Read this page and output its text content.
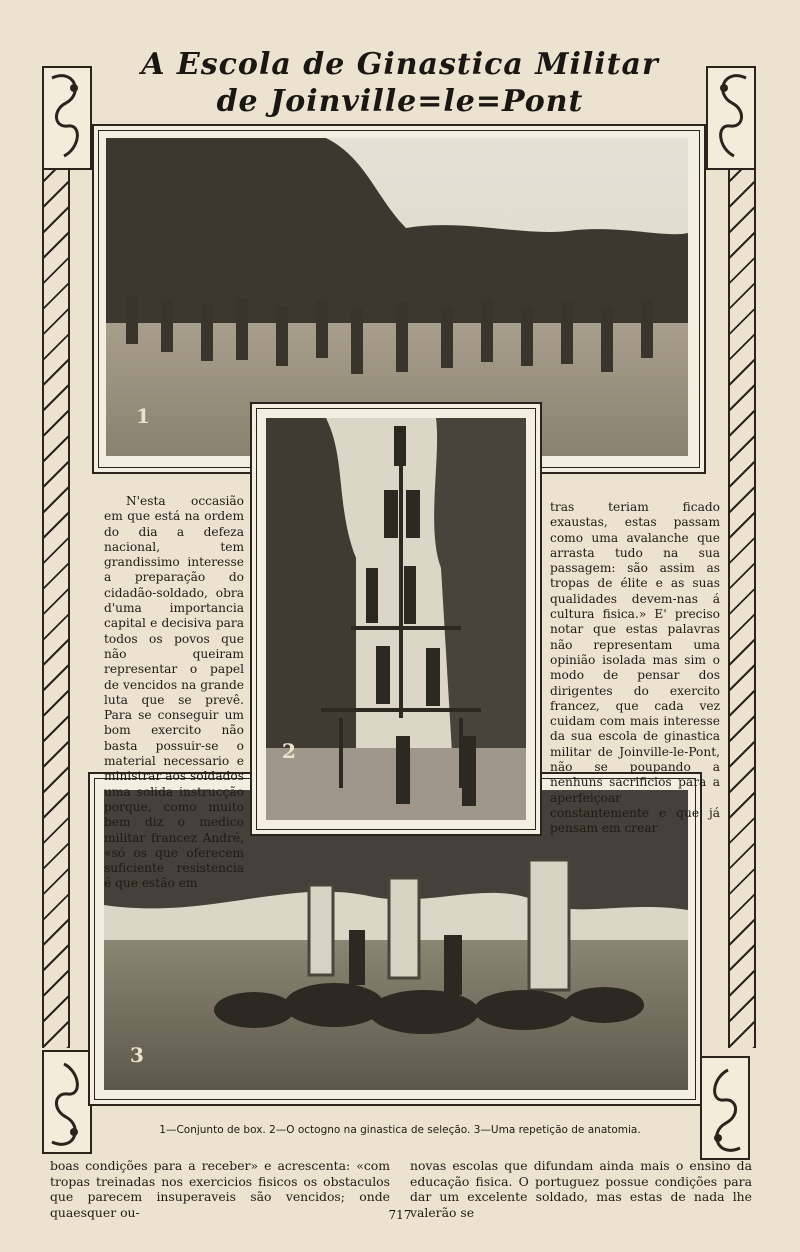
A Escola de Ginastica Militar
de Joinville=le=Pont
1
3
2
N'esta occasião em que está na ordem do dia a defeza nacional, tem grandissimo interesse a preparação do cidadão-soldado, obra d'uma importancia capital e decisiva para todos os povos que não queiram representar o papel de vencidos na grande luta que se prevê. Para se conseguir um bom exercito não basta possuir-se o material necessario e ministrar aos soldados uma solida instrucção porque, como muito bem diz o medico militar francez André, «só os que oferecem suficiente resistencia é que estão em
tras teriam ficado exaustas, estas passam como uma avalanche que arrasta tudo na sua passagem: são assim as tropas de élite e as suas qualidades devem-nas á cultura fisica.» E' preciso notar que estas palavras não representam uma opinião isolada mas sim o modo de pensar dos dirigentes do exercito francez, que cada vez cuidam com mais interesse da sua escola de ginastica militar de Joinville-le-Pont, não se poupando a nenhuns sacrificios para a aperfeiçoar constantemente e que já pensam em crear
1—Conjunto de box. 2—O octogno na ginastica de seleção. 3—Uma repetição de anatomia.
boas condições para a receber» e acrescenta: «com tropas treinadas nos exercicios fisicos os obstaculos que parecem insuperaveis são vencidos; onde quaesquer ou-
novas escolas que difundam ainda mais o ensino da educação fisica. O portuguez possue condições para dar um excelente soldado, mas estas de nada lhe valerão se
717
